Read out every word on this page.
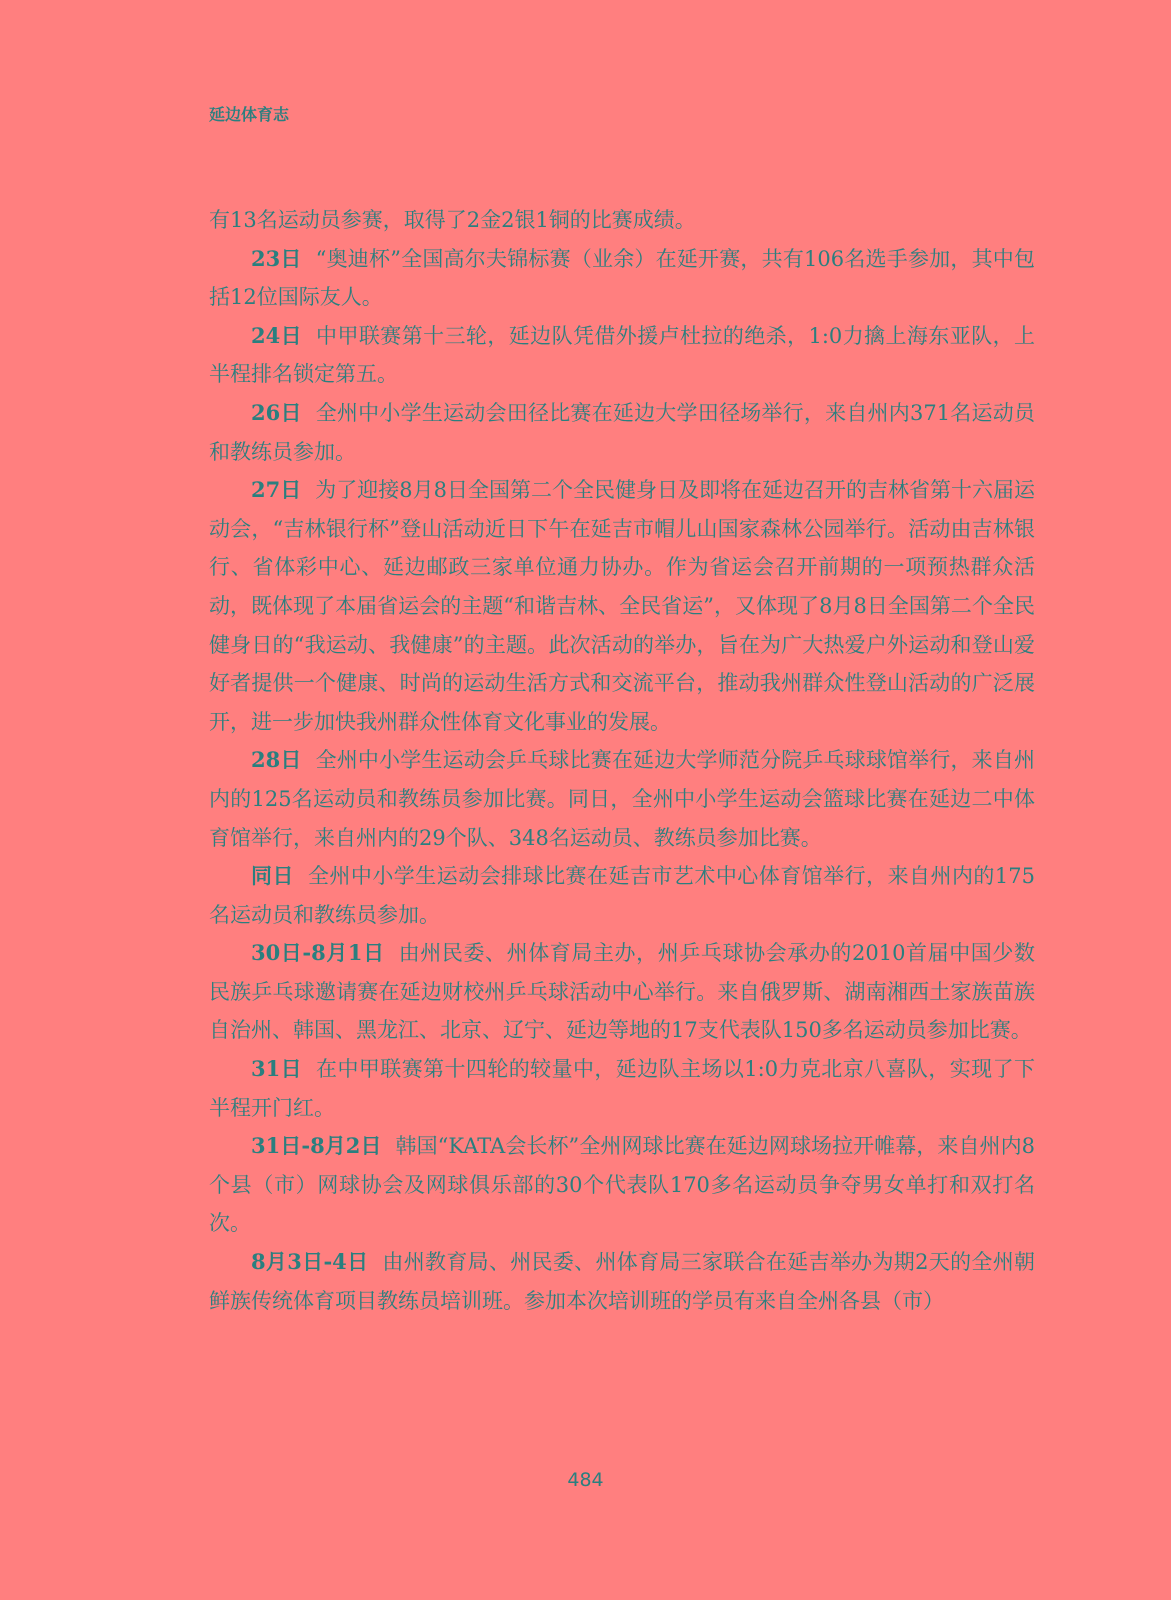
延边体育志

有13名运动员参赛，取得了2金2银1铜的比赛成绩。

23日 “奥迪杯”全国高尔夫锦标赛（业余）在延开赛，共有106名选手参加，其中包括12位国际友人。

24日 中甲联赛第十三轮，延边队凭借外援卢杜拉的绝杀，1:0力擒上海东亚队，上半程排名锁定第五。

26日 全州中小学生运动会田径比赛在延边大学田径场举行，来自州内371名运动员和教练员参加。

27日 为了迎接8月8日全国第二个全民健身日及即将在延边召开的吉林省第十六届运动会，“吉林银行杯”登山活动近日下午在延吉市帽儿山国家森林公园举行。活动由吉林银行、省体彩中心、延边邮政三家单位通力协办。作为省运会召开前期的一项预热群众活动，既体现了本届省运会的主题“和谐吉林、全民省运”，又体现了8月8日全国第二个全民健身日的“我运动、我健康”的主题。此次活动的举办，旨在为广大热爱户外运动和登山爱好者提供一个健康、时尚的运动生活方式和交流平台，推动我州群众性登山活动的广泛展开，进一步加快我州群众性体育文化事业的发展。

28日 全州中小学生运动会乒乓球比赛在延边大学师范分院乒乓球球馆举行，来自州内的125名运动员和教练员参加比赛。同日，全州中小学生运动会篮球比赛在延边二中体育馆举行，来自州内的29个队、348名运动员、教练员参加比赛。

同日 全州中小学生运动会排球比赛在延吉市艺术中心体育馆举行，来自州内的175名运动员和教练员参加。

30日-8月1日 由州民委、州体育局主办，州乒乓球协会承办的2010首届中国少数民族乒乓球邀请赛在延边财校州乒乓球活动中心举行。来自俄罗斯、湖南湘西土家族苗族自治州、韩国、黑龙江、北京、辽宁、延边等地的17支代表队150多名运动员参加比赛。

31日 在中甲联赛第十四轮的较量中，延边队主场以1:0力克北京八喜队，实现了下半程开门红。

31日-8月2日 韩国“KATA会长杯”全州网球比赛在延边网球场拉开帷幕，来自州内8个县（市）网球协会及网球俱乐部的30个代表队170多名运动员争夺男女单打和双打名次。

8月3日-4日 由州教育局、州民委、州体育局三家联合在延吉举办为期2天的全州朝鲜族传统体育项目教练员培训班。参加本次培训班的学员有来自全州各县（市）

484
